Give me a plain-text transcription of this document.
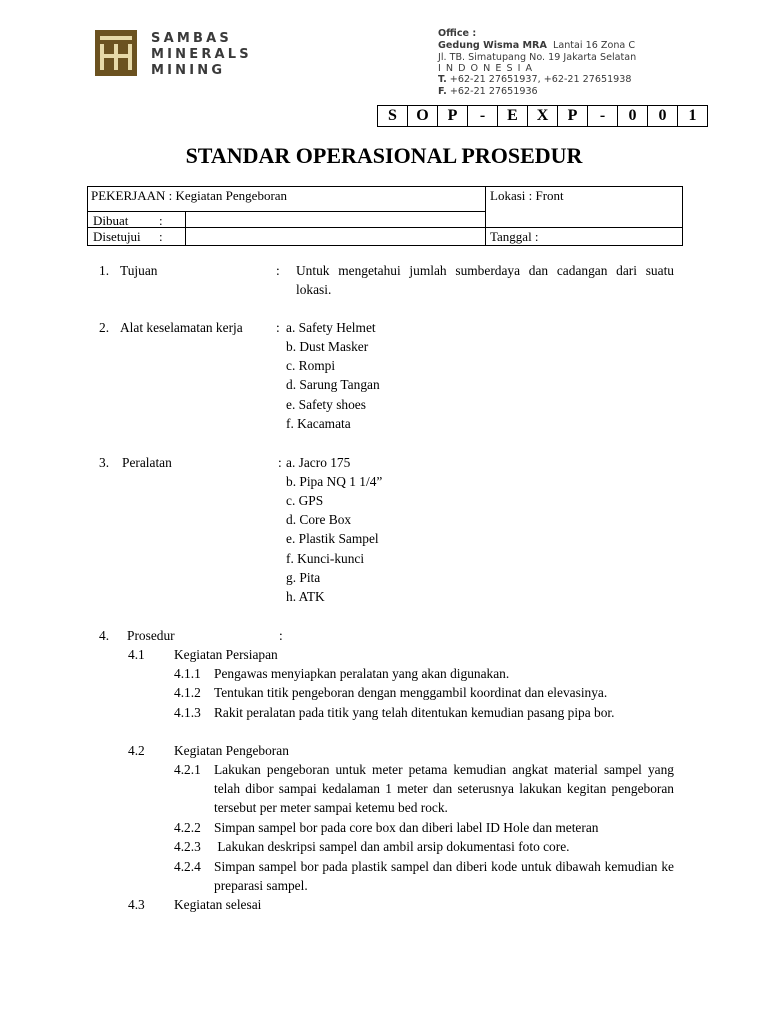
SAMBAS
MINERALS
MINING
Office :
Gedung Wisma MRA Lantai 16 Zona C
Jl. TB. Simatupang No. 19 Jakarta Selatan
I N D O N E S I A
T. +62-21 27651937, +62-21 27651938
F. +62-21 27651936
S	O	P	-	E	X	P	-	0	0	1
STANDAR OPERASIONAL PROSEDUR
PEKERJAAN : Kegiatan Pengeboran	Lokasi : Front
Dibuat :
Disetujui :	Tanggal :
1. Tujuan	: Untuk mengetahui jumlah sumberdaya dan cadangan dari suatu lokasi.
2. Alat keselamatan kerja : a. Safety Helmet
b. Dust Masker
c. Rompi
d. Sarung Tangan
e. Safety shoes
f. Kacamata
3. Peralatan	: a. Jacro 175
b. Pipa NQ 1 1/4”
c. GPS
d. Core Box
e. Plastik Sampel
f. Kunci-kunci
g. Pita
h. ATK
4. Prosedur	:
4.1 Kegiatan Persiapan
4.1.1 Pengawas menyiapkan peralatan yang akan digunakan.
4.1.2 Tentukan titik pengeboran dengan menggambil koordinat dan elevasinya.
4.1.3 Rakit peralatan pada titik yang telah ditentukan kemudian pasang pipa bor.
4.2 Kegiatan Pengeboran
4.2.1 Lakukan pengeboran untuk meter petama kemudian angkat material sampel yang telah dibor sampai kedalaman 1 meter dan seterusnya lakukan kegitan pengeboran tersebut per meter sampai ketemu bed rock.
4.2.2 Simpan sampel bor pada core box dan diberi label ID Hole dan meteran
4.2.3 Lakukan deskripsi sampel dan ambil arsip dokumentasi foto core.
4.2.4 Simpan sampel bor pada plastik sampel dan diberi kode untuk dibawah kemudian ke preparasi sampel.
4.3 Kegiatan selesai
